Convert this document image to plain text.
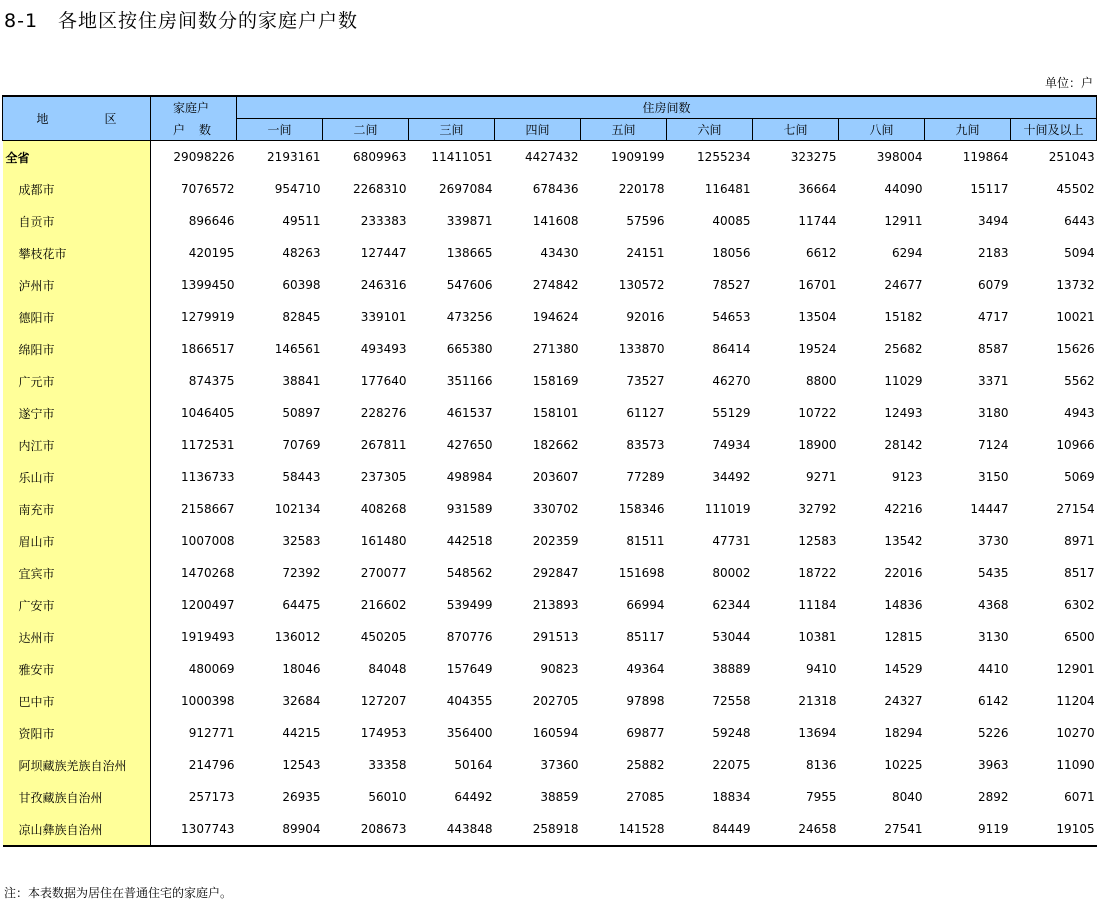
8-1 各地区按住房间数分的家庭户户数
单位：户
地　区	家庭户	住房间数									
	户数	一间	二间	三间	四间	五间	六间	七间	八间	九间	十间及以上
全省	29098226	2193161	6809963	11411051	4427432	1909199	1255234	323275	398004	119864	251043
成都市	7076572	954710	2268310	2697084	678436	220178	116481	36664	44090	15117	45502
自贡市	896646	49511	233383	339871	141608	57596	40085	11744	12911	3494	6443
攀枝花市	420195	48263	127447	138665	43430	24151	18056	6612	6294	2183	5094
泸州市	1399450	60398	246316	547606	274842	130572	78527	16701	24677	6079	13732
德阳市	1279919	82845	339101	473256	194624	92016	54653	13504	15182	4717	10021
绵阳市	1866517	146561	493493	665380	271380	133870	86414	19524	25682	8587	15626
广元市	874375	38841	177640	351166	158169	73527	46270	8800	11029	3371	5562
遂宁市	1046405	50897	228276	461537	158101	61127	55129	10722	12493	3180	4943
内江市	1172531	70769	267811	427650	182662	83573	74934	18900	28142	7124	10966
乐山市	1136733	58443	237305	498984	203607	77289	34492	9271	9123	3150	5069
南充市	2158667	102134	408268	931589	330702	158346	111019	32792	42216	14447	27154
眉山市	1007008	32583	161480	442518	202359	81511	47731	12583	13542	3730	8971
宜宾市	1470268	72392	270077	548562	292847	151698	80002	18722	22016	5435	8517
广安市	1200497	64475	216602	539499	213893	66994	62344	11184	14836	4368	6302
达州市	1919493	136012	450205	870776	291513	85117	53044	10381	12815	3130	6500
雅安市	480069	18046	84048	157649	90823	49364	38889	9410	14529	4410	12901
巴中市	1000398	32684	127207	404355	202705	97898	72558	21318	24327	6142	11204
资阳市	912771	44215	174953	356400	160594	69877	59248	13694	18294	5226	10270
阿坝藏族羌族自治州	214796	12543	33358	50164	37360	25882	22075	8136	10225	3963	11090
甘孜藏族自治州	257173	26935	56010	64492	38859	27085	18834	7955	8040	2892	6071
凉山彝族自治州	1307743	89904	208673	443848	258918	141528	84449	24658	27541	9119	19105
注：本表数据为居住在普通住宅的家庭户。
